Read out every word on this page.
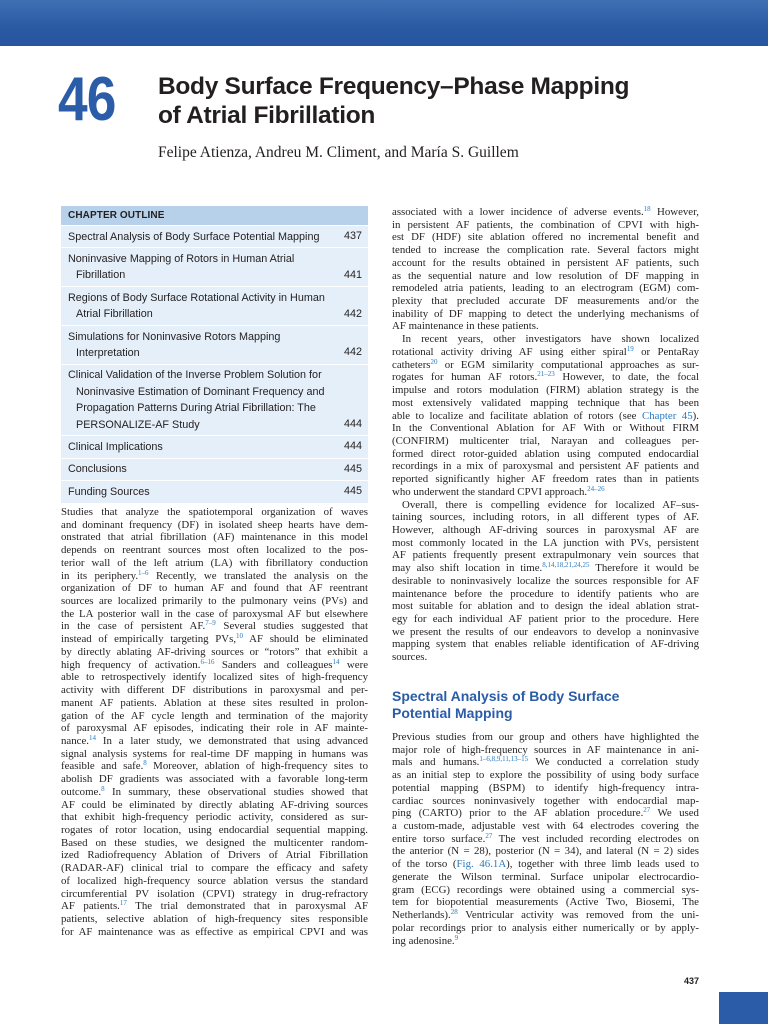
46	Body Surface Frequency–Phase Mapping
of Atrial Fibrillation
Felipe Atienza, Andreu M. Climent, and María S. Guillem
CHAPTER OUTLINE
Spectral Analysis of Body Surface Potential Mapping	437
Noninvasive Mapping of Rotors in Human Atrial
Fibrillation	441
Regions of Body Surface Rotational Activity in Human
Atrial Fibrillation	442
Simulations for Noninvasive Rotors Mapping
Interpretation	442
Clinical Validation of the Inverse Problem Solution for
Noninvasive Estimation of Dominant Frequency and
Propagation Patterns During Atrial Fibrillation: The
PERSONALIZE-AF Study	444
Clinical Implications	444
Conclusions	445
Funding Sources	445
Studies that analyze the spatiotemporal organization of waves
and dominant frequency (DF) in isolated sheep hearts have dem-
onstrated that atrial fibrillation (AF) maintenance in this model
depends on reentrant sources most often localized to the pos-
terior wall of the left atrium (LA) with fibrillatory conduction
in its periphery.$^{1-6}$ Recently, we translated the analysis on the
organization of DF to human AF and found that AF reentrant
sources are localized primarily to the pulmonary veins (PVs) and
the LA posterior wall in the case of paroxysmal AF but elsewhere
in the case of persistent AF.$^{7-9}$ Several studies suggested that
instead of empirically targeting PVs,$^{10}$ AF should be eliminated
by directly ablating AF-driving sources or “rotors” that exhibit a
high frequency of activation.$^{6-16}$ Sanders and colleagues$^{14}$ were
able to retrospectively identify localized sites of high-frequency
activity with different DF distributions in paroxysmal and per-
manent AF patients. Ablation at these sites resulted in prolon-
gation of the AF cycle length and termination of the majority
of paroxysmal AF episodes, indicating their role in AF mainte-
nance.$^{14}$ In a later study, we demonstrated that using advanced
signal analysis systems for real-time DF mapping in humans was
feasible and safe.$^8$ Moreover, ablation of high-frequency sites to
abolish DF gradients was associated with a favorable long-term
outcome.$^8$ In summary, these observational studies showed that
AF could be eliminated by directly ablating AF-driving sources
that exhibit high-frequency periodic activity, considered as sur-
rogates of rotor location, using endocardial sequential mapping.
Based on these studies, we designed the multicenter random-
ized Radiofrequency Ablation of Drivers of Atrial Fibrillation
(RADAR-AF) clinical trial to compare the efficacy and safety
of localized high-frequency source ablation versus the standard
circumferential PV isolation (CPVI) strategy in drug-refractory
AF patients.$^{17}$ The trial demonstrated that in paroxysmal AF
patients, selective ablation of high-frequency sites responsible
for AF maintenance was as effective as empirical CPVI and was
associated with a lower incidence of adverse events.$^{18}$ However,
in persistent AF patients, the combination of CPVI with high-
est DF (HDF) site ablation offered no incremental benefit and
tended to increase the complication rate. Several factors might
account for the results obtained in persistent AF patients, such
as the sequential nature and low resolution of DF mapping in
remodeled atria patients, leading to an electrogram (EGM) com-
plexity that precluded accurate DF measurements and/or the
inability of DF mapping to detect the underlying mechanisms of
AF maintenance in these patients.
In recent years, other investigators have shown localized
rotational activity driving AF using either spiral$^{19}$ or PentaRay
catheters$^{20}$ or EGM similarity computational approaches as sur-
rogates for human AF rotors.$^{21-23}$ However, to date, the focal
impulse and rotors modulation (FIRM) ablation strategy is the
most extensively validated mapping technique that has been
able to localize and facilitate ablation of rotors (see Chapter 45).
In the Conventional Ablation for AF With or Without FIRM
(CONFIRM) multicenter trial, Narayan and colleagues per-
formed direct rotor-guided ablation using computed endocardial
recordings in a mix of paroxysmal and persistent AF patients and
reported significantly higher AF freedom rates than in patients
who underwent the standard CPVI approach.$^{24-26}$
Overall, there is compelling evidence for localized AF–sus-
taining sources, including rotors, in all different types of AF.
However, although AF-driving sources in paroxysmal AF are
most commonly located in the LA junction with PVs, persistent
AF patients frequently present extrapulmonary vein sources that
may also shift location in time.$^{8,14,18,21,24,25}$ Therefore it would be
desirable to noninvasively localize the sources responsible for AF
maintenance before the procedure to identify patients who are
most suitable for ablation and to design the ideal ablation strat-
egy for each individual AF patient prior to the procedure. Here
we present the results of our endeavors to develop a noninvasive
mapping system that enables reliable identification of AF-driving
sources.
Spectral Analysis of Body Surface
Potential Mapping
Previous studies from our group and others have highlighted the
major role of high-frequency sources in AF maintenance in ani-
mals and humans.$^{1-6,8,9,11,13-15}$ We conducted a correlation study
as an initial step to explore the possibility of using body surface
potential mapping (BSPM) to identify high-frequency intra-
cardiac sources noninvasively together with endocardial map-
ping (CARTO) prior to the AF ablation procedure.$^{27}$ We used
a custom-made, adjustable vest with 64 electrodes covering the
entire torso surface.$^{27}$ The vest included recording electrodes on
the anterior (N = 28), posterior (N = 34), and lateral (N = 2) sides
of the torso (Fig. 46.1A), together with three limb leads used to
generate the Wilson terminal. Surface unipolar electrocardio-
gram (ECG) recordings were obtained using a commercial sys-
tem for biopotential measurements (Active Two, Biosemi, The
Netherlands).$^{28}$ Ventricular activity was removed from the uni-
polar recordings prior to analysis either numerically or by apply-
ing adenosine.$^9$
437
